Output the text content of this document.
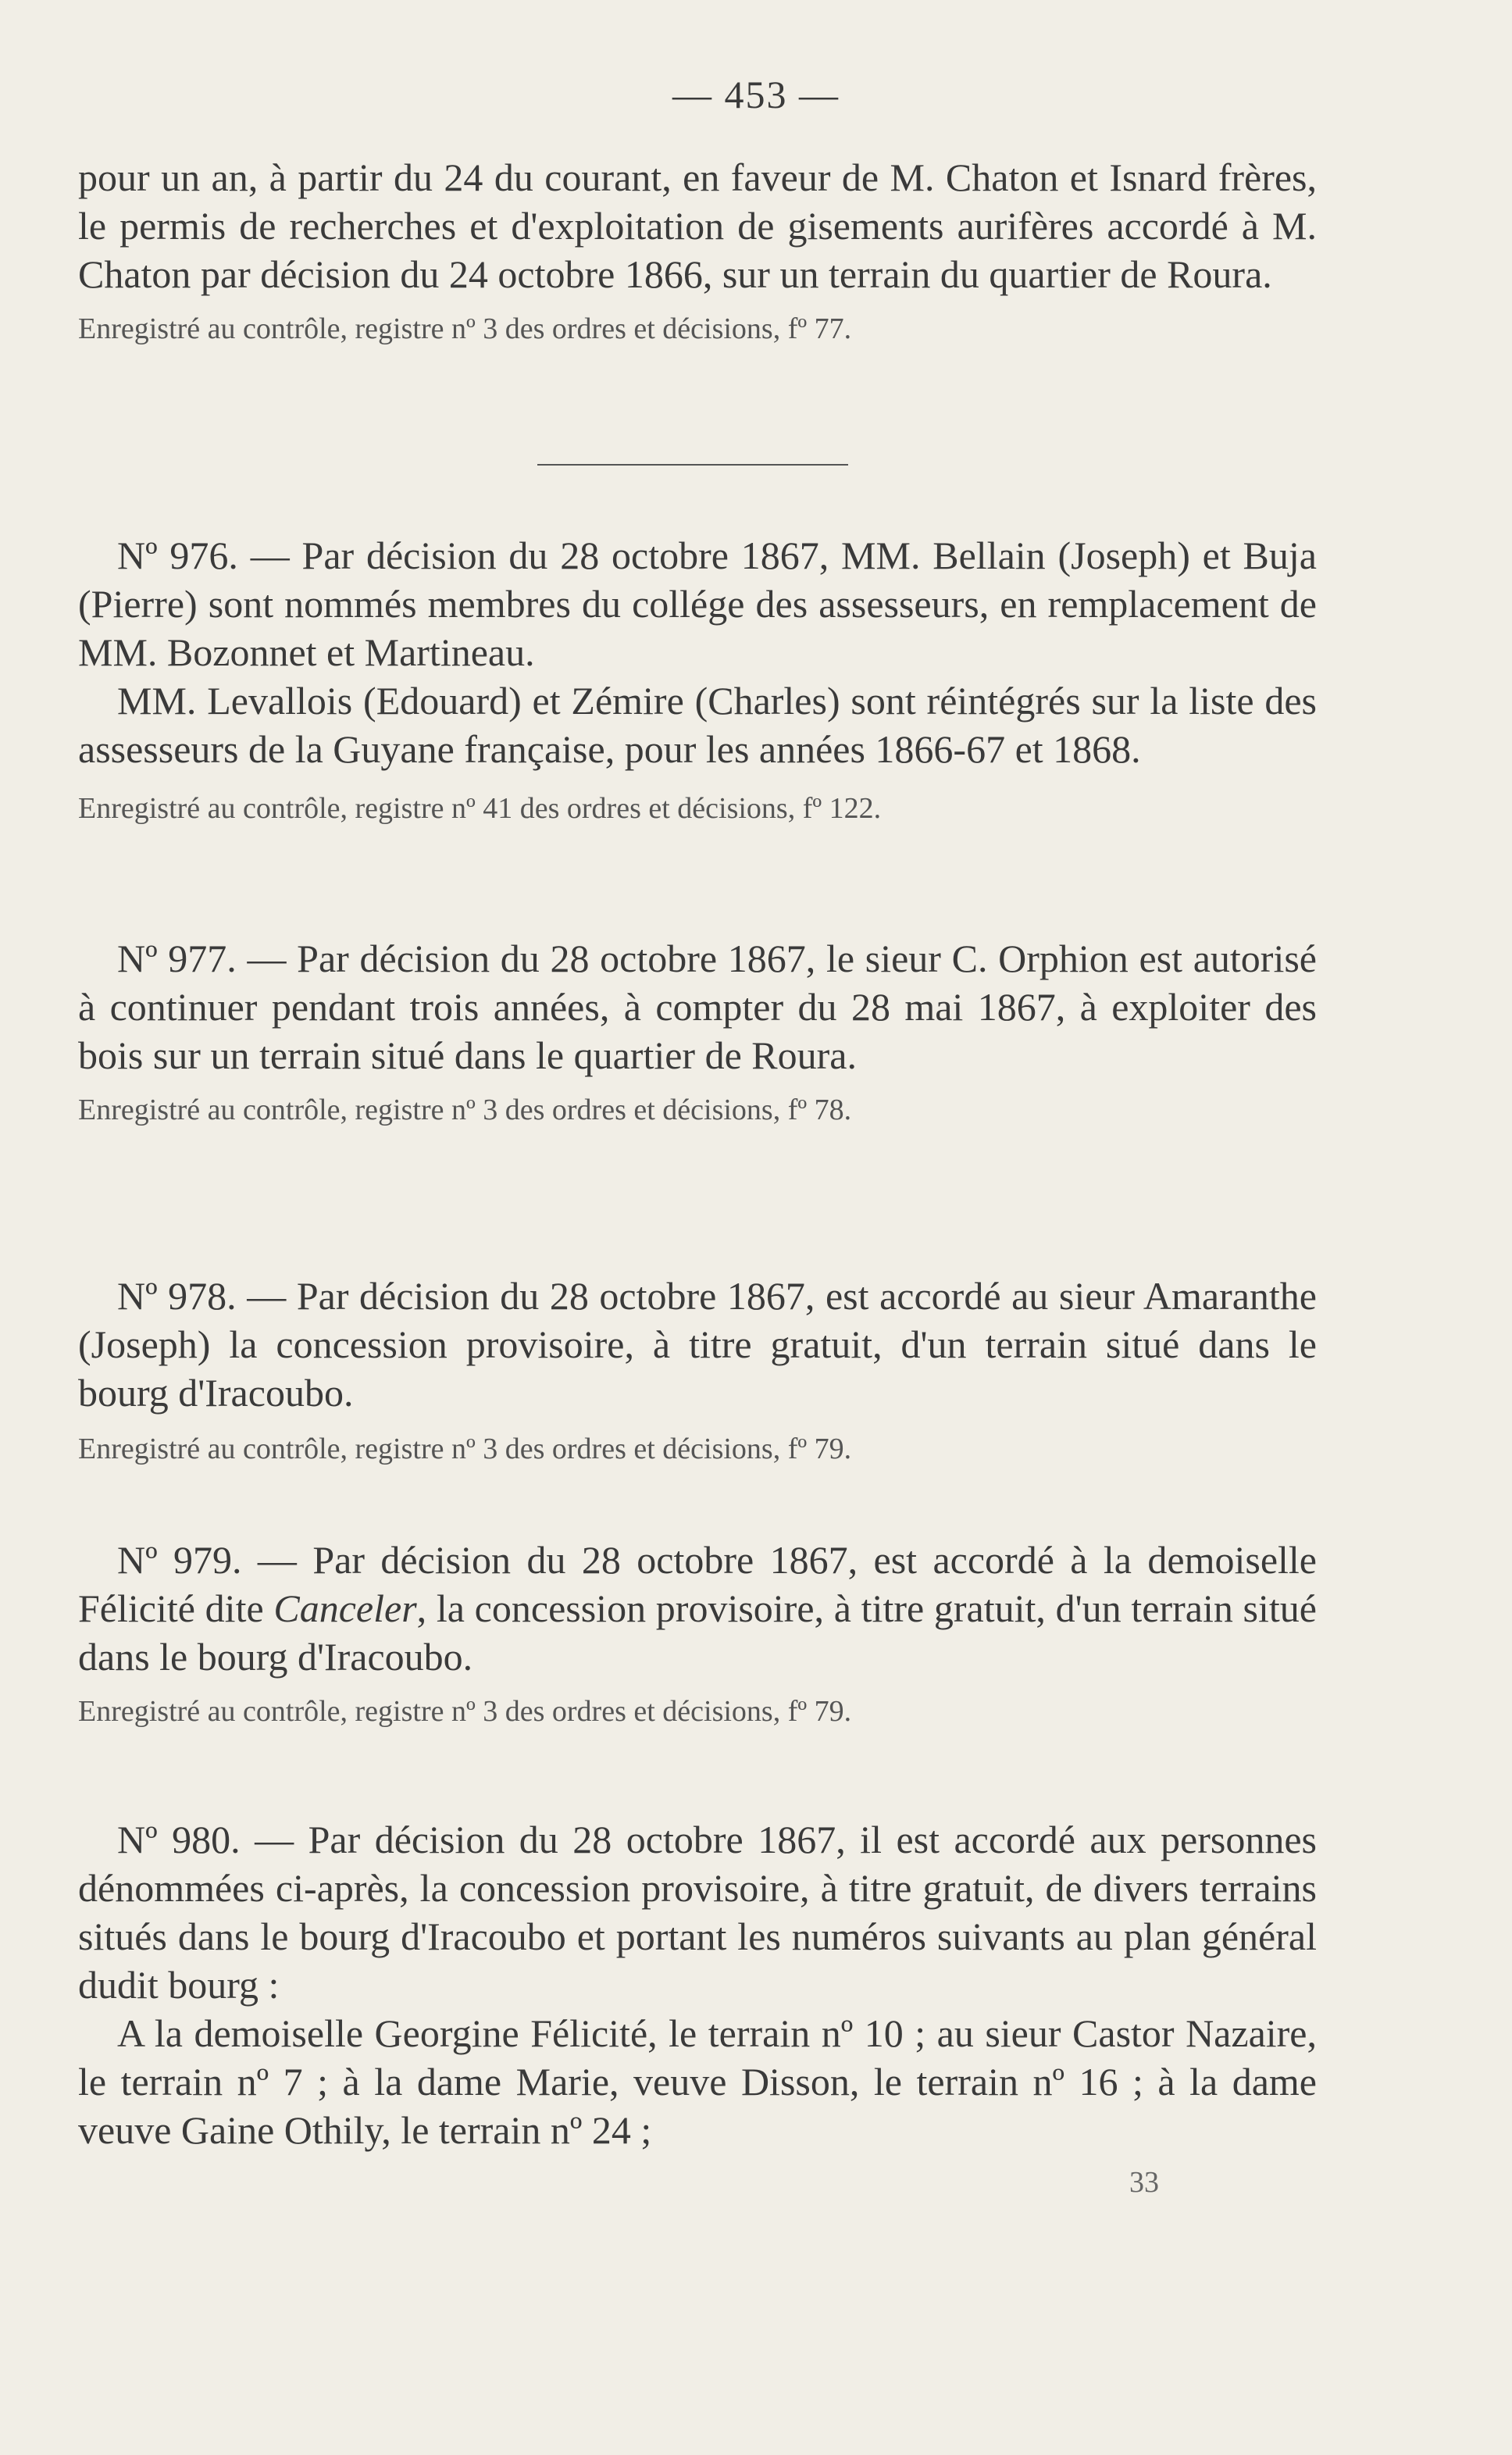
— 453 —

pour un an, à partir du 24 du courant, en faveur de M. Chaton et Isnard frères, le permis de recherches et d'exploitation de gisements aurifères accordé à M. Chaton par décision du 24 octobre 1866, sur un terrain du quartier de Roura.

Enregistré au contrôle, registre nº 3 des ordres et décisions, fº 77.

Nº 976. — Par décision du 28 octobre 1867, MM. Bellain (Joseph) et Buja (Pierre) sont nommés membres du collége des assesseurs, en remplacement de MM. Bozonnet et Martineau.

MM. Levallois (Edouard) et Zémire (Charles) sont réintégrés sur la liste des assesseurs de la Guyane française, pour les années 1866-67 et 1868.

Enregistré au contrôle, registre nº 41 des ordres et décisions, fº 122.

Nº 977. — Par décision du 28 octobre 1867, le sieur C. Orphion est autorisé à continuer pendant trois années, à compter du 28 mai 1867, à exploiter des bois sur un terrain situé dans le quartier de Roura.

Enregistré au contrôle, registre nº 3 des ordres et décisions, fº 78.

Nº 978. — Par décision du 28 octobre 1867, est accordé au sieur Amaranthe (Joseph) la concession provisoire, à titre gratuit, d'un terrain situé dans le bourg d'Iracoubo.

Enregistré au contrôle, registre nº 3 des ordres et décisions, fº 79.

Nº 979. — Par décision du 28 octobre 1867, est accordé à la demoiselle Félicité dite Canceler, la concession provisoire, à titre gratuit, d'un terrain situé dans le bourg d'Iracoubo.

Enregistré au contrôle, registre nº 3 des ordres et décisions, fº 79.

Nº 980. — Par décision du 28 octobre 1867, il est accordé aux personnes dénommées ci-après, la concession provisoire, à titre gratuit, de divers terrains situés dans le bourg d'Iracoubo et portant les numéros suivants au plan général dudit bourg :

A la demoiselle Georgine Félicité, le terrain nº 10 ; au sieur Castor Nazaire, le terrain nº 7 ; à la dame Marie, veuve Disson, le terrain nº 16 ; à la dame veuve Gaine Othily, le terrain nº 24 ;

33
